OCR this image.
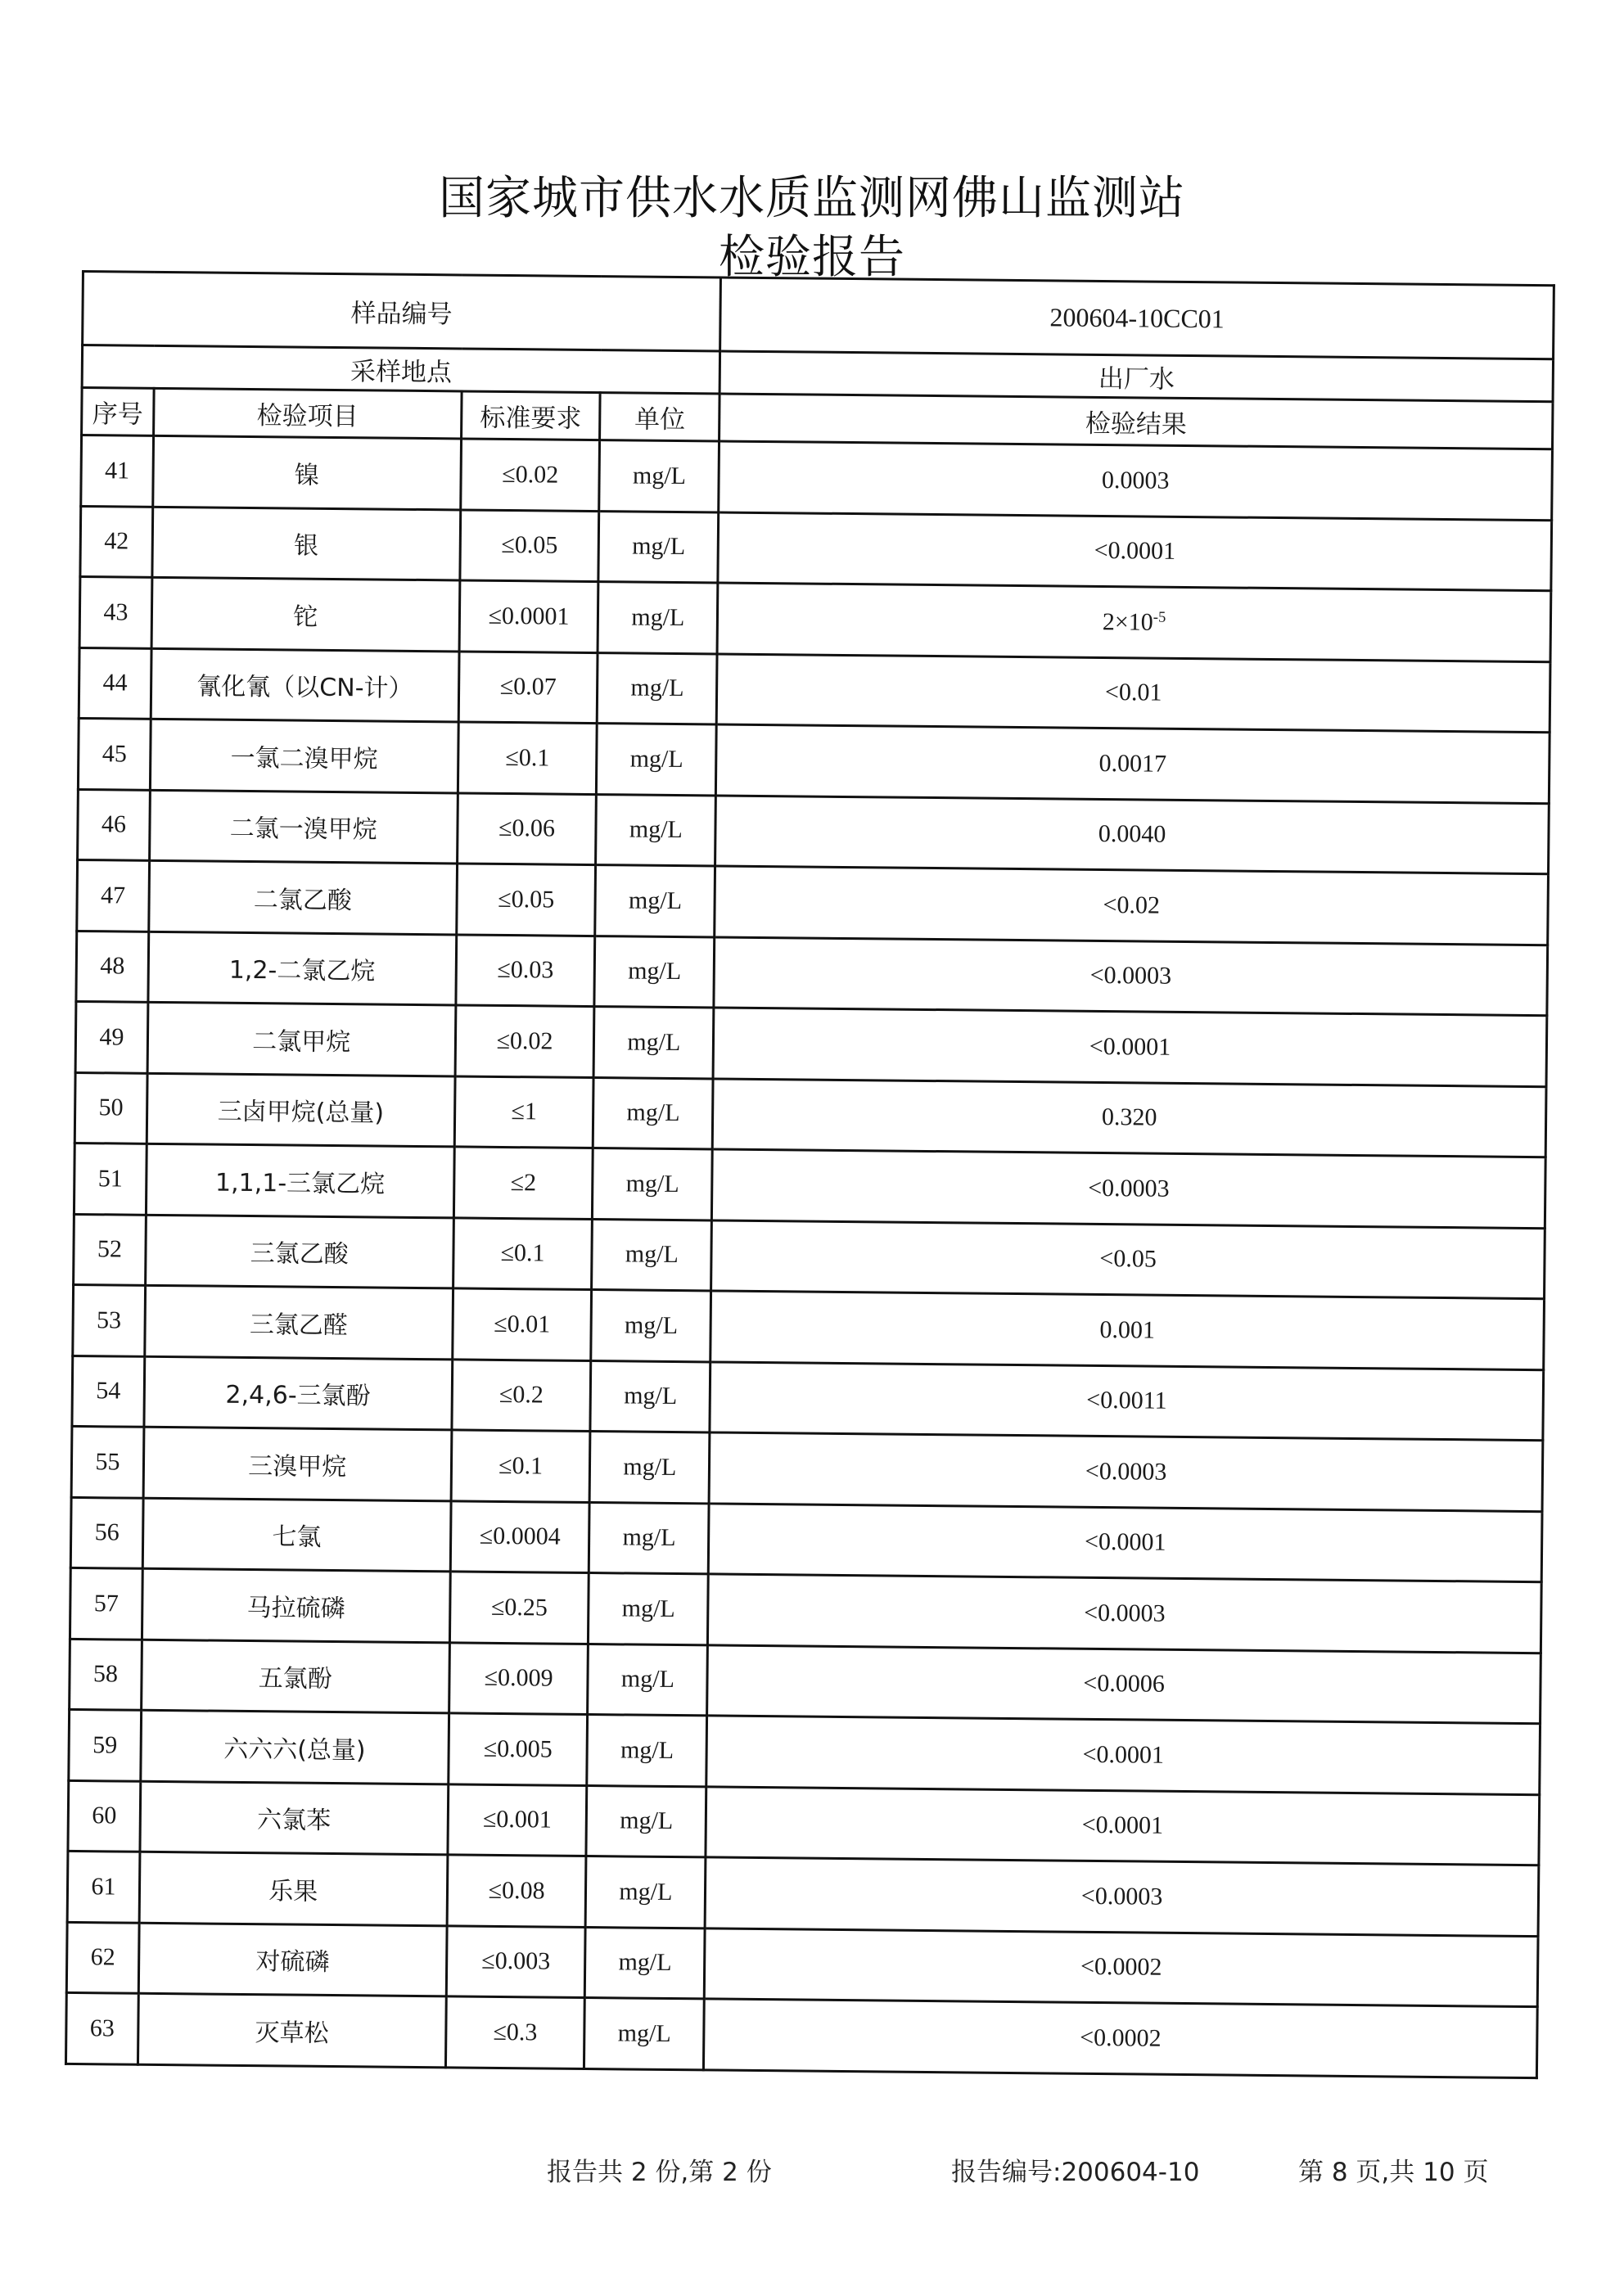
国家城市供水水质监测网佛山监测站
检验报告
样品编号				200604-10CC01
采样地点				出厂水
序号	检验项目	标准要求	单位	检验结果
41	镍	≤0.02	mg/L	0.0003
42	银	≤0.05	mg/L	<0.0001
43	铊	≤0.0001	mg/L	$2\times 10^{-5}$
44	氰化氰（以CN-计）	≤0.07	mg/L	<0.01
45	一氯二溴甲烷	≤0.1	mg/L	0.0017
46	二氯一溴甲烷	≤0.06	mg/L	0.0040
47	二氯乙酸	≤0.05	mg/L	<0.02
48	1,2-二氯乙烷	≤0.03	mg/L	<0.0003
49	二氯甲烷	≤0.02	mg/L	<0.0001
50	三卤甲烷(总量)	≤1	mg/L	0.320
51	1,1,1-三氯乙烷	≤2	mg/L	<0.0003
52	三氯乙酸	≤0.1	mg/L	<0.05
53	三氯乙醛	≤0.01	mg/L	0.001
54	2,4,6-三氯酚	≤0.2	mg/L	<0.0011
55	三溴甲烷	≤0.1	mg/L	<0.0003
56	七氯	≤0.0004	mg/L	<0.0001
57	马拉硫磷	≤0.25	mg/L	<0.0003
58	五氯酚	≤0.009	mg/L	<0.0006
59	六六六(总量)	≤0.005	mg/L	<0.0001
60	六氯苯	≤0.001	mg/L	<0.0001
61	乐果	≤0.08	mg/L	<0.0003
62	对硫磷	≤0.003	mg/L	<0.0002
63	灭草松	≤0.3	mg/L	<0.0002
报告共 2 份,第 2 份	报告编号:200604-10	第 8 页,共 10 页
